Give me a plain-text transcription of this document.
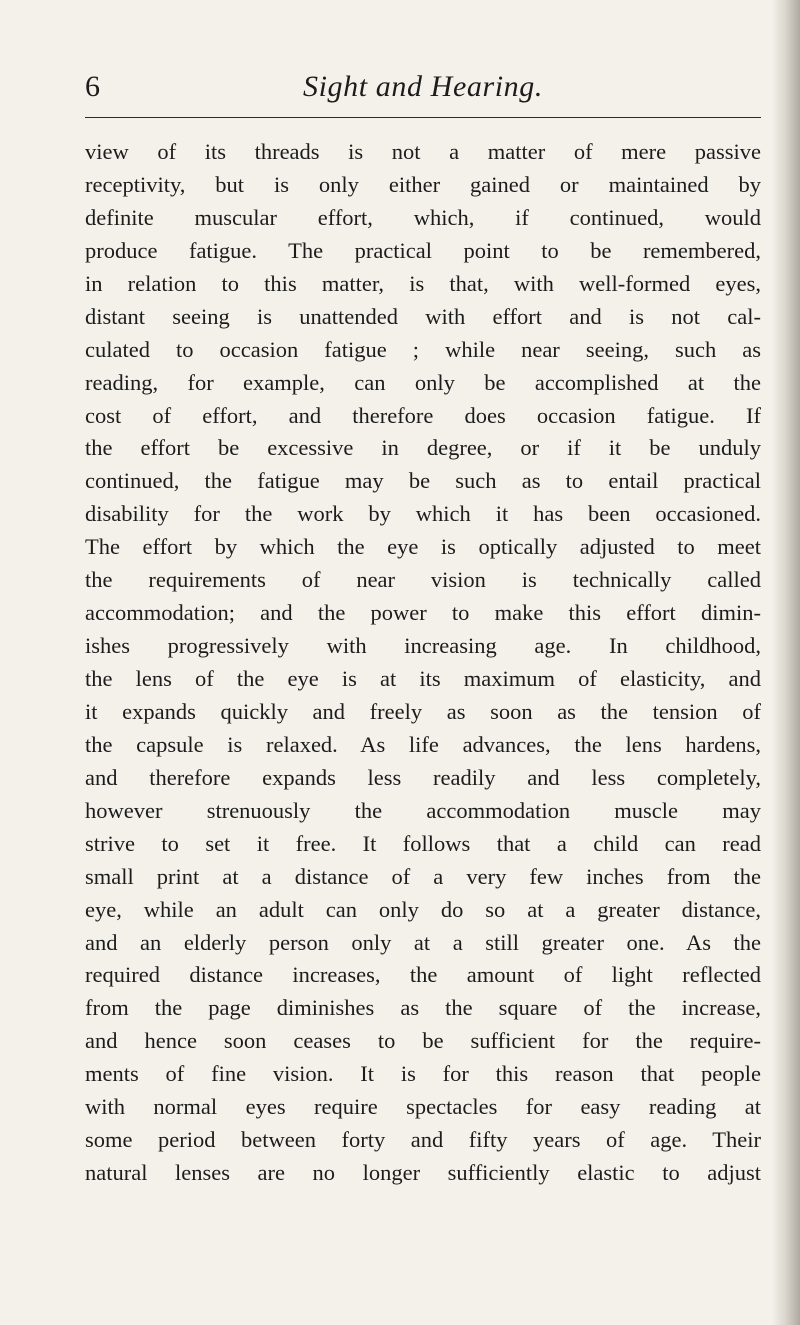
6	Sight and Hearing.
view of its threads is not a matter of mere passive
receptivity, but is only either gained or maintained by
definite muscular effort, which, if continued, would
produce fatigue. The practical point to be remembered,
in relation to this matter, is that, with well-formed eyes,
distant seeing is unattended with effort and is not cal-
culated to occasion fatigue ; while near seeing, such as
reading, for example, can only be accomplished at the
cost of effort, and therefore does occasion fatigue. If
the effort be excessive in degree, or if it be unduly
continued, the fatigue may be such as to entail practical
disability for the work by which it has been occasioned.
The effort by which the eye is optically adjusted to meet
the requirements of near vision is technically called
accommodation; and the power to make this effort dimin-
ishes progressively with increasing age. In childhood,
the lens of the eye is at its maximum of elasticity, and
it expands quickly and freely as soon as the tension of
the capsule is relaxed. As life advances, the lens hardens,
and therefore expands less readily and less completely,
however strenuously the accommodation muscle may
strive to set it free. It follows that a child can read
small print at a distance of a very few inches from the
eye, while an adult can only do so at a greater distance,
and an elderly person only at a still greater one. As the
required distance increases, the amount of light reflected
from the page diminishes as the square of the increase,
and hence soon ceases to be sufficient for the require-
ments of fine vision. It is for this reason that people
with normal eyes require spectacles for easy reading at
some period between forty and fifty years of age. Their
natural lenses are no longer sufficiently elastic to adjust
